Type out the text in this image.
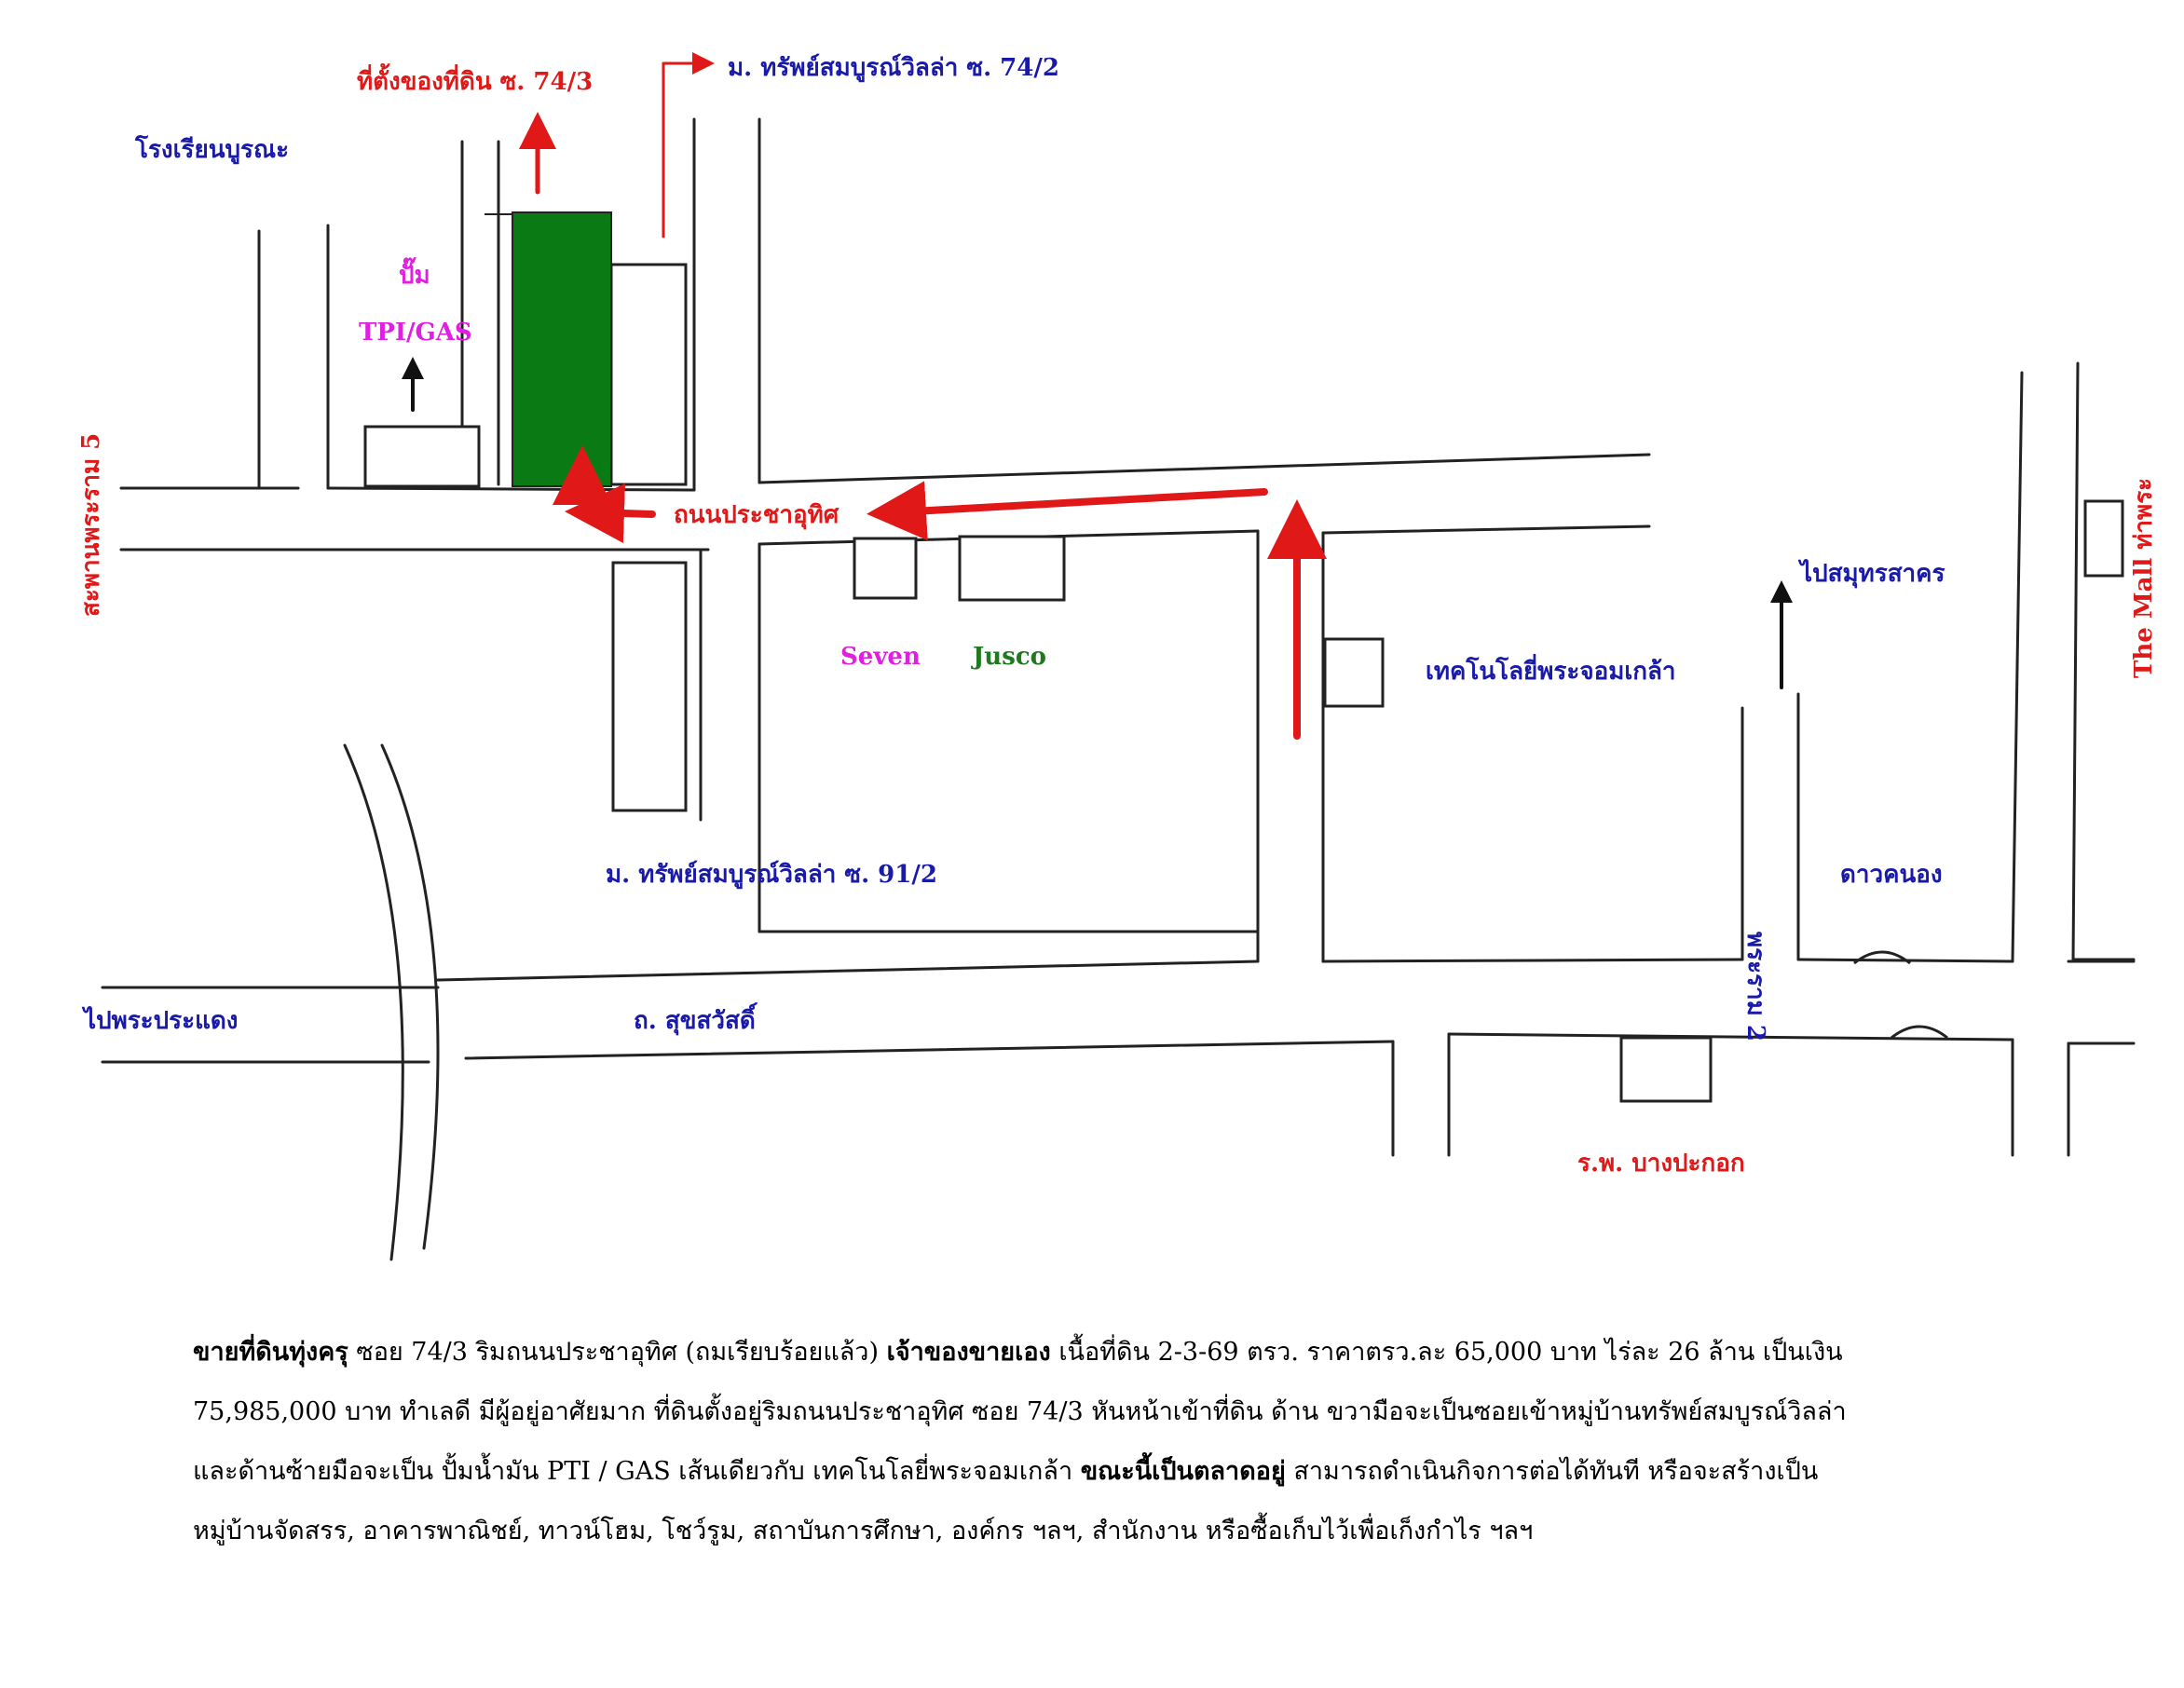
ที่ตั้งของที่ดิน ซ. 74/3	ม. ทรัพย์สมบูรณ์วิลล่า ซ. 74/2
โรงเรียนบูรณะ
ปั๊ม
TPI/GAS
สะพานพระราม 5	ถนนประชาอุทิศ
Seven Jusco
เทคโนโลยี่พระจอมเกล้า
ไปสมุทรสาคร	The Mall ท่าพระ
ม. ทรัพย์สมบูรณ์วิลล่า ซ. 91/2
พระราม 2
ดาวคนอง
ไปพระประแดง	ถ. สุขสวัสดิ์
ร.พ. บางปะกอก

ขายที่ดินทุ่งครุ ซอย 74/3 ริมถนนประชาอุทิศ (ถมเรียบร้อยแล้ว) เจ้าของขายเอง เนื้อที่ดิน 2-3-69 ตรว. ราคาตรว.ละ 65,000 บาท ไร่ละ 26 ล้าน เป็นเงิน

75,985,000 บาท ทำเลดี มีผู้อยู่อาศัยมาก ที่ดินตั้งอยู่ริมถนนประชาอุทิศ ซอย 74/3 หันหน้าเข้าที่ดิน ด้าน ขวามือจะเป็นซอยเข้าหมู่บ้านทรัพย์สมบูรณ์วิลล่า

และด้านซ้ายมือจะเป็น ปั้มน้ำมัน PTI / GAS เส้นเดียวกับ เทคโนโลยี่พระจอมเกล้า ขณะนี้เป็นตลาดอยู่ สามารถดำเนินกิจการต่อได้ทันที หรือจะสร้างเป็น

หมู่บ้านจัดสรร, อาคารพาณิชย์, ทาวน์โฮม, โชว์รูม, สถาบันการศึกษา, องค์กร ฯลฯ, สำนักงาน หรือซื้อเก็บไว้เพื่อเก็งกำไร ฯลฯ
